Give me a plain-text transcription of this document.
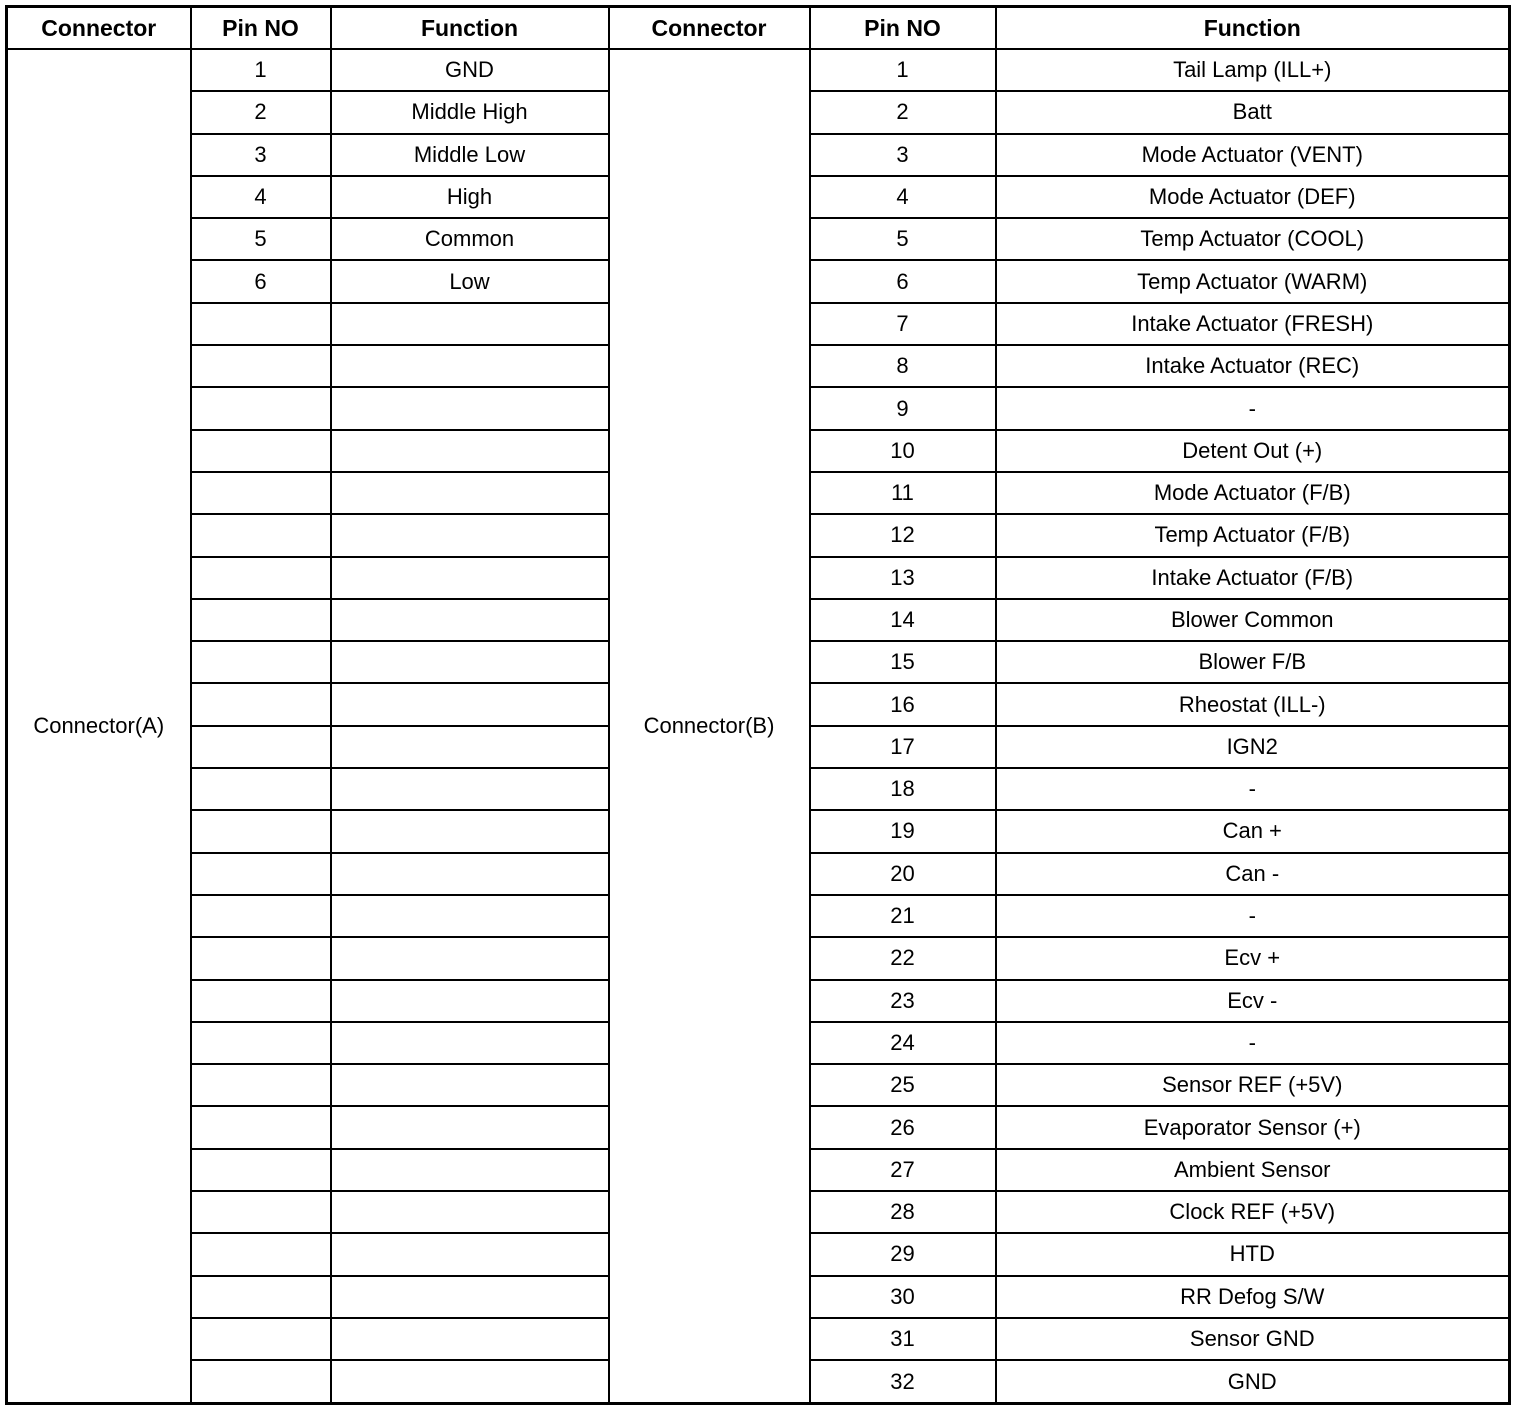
Connector	Pin NO	Function	Connector	Pin NO	Function
Connector(A)	1	GND	Connector(B)	1	Tail Lamp (ILL+)
	2	Middle High		2	Batt
	3	Middle Low		3	Mode Actuator (VENT)
	4	High		4	Mode Actuator (DEF)
	5	Common		5	Temp Actuator (COOL)
	6	Low		6	Temp Actuator (WARM)
				7	Intake Actuator (FRESH)
				8	Intake Actuator (REC)
				9	-
				10	Detent Out (+)
				11	Mode Actuator (F/B)
				12	Temp Actuator (F/B)
				13	Intake Actuator (F/B)
				14	Blower Common
				15	Blower F/B
				16	Rheostat (ILL-)
				17	IGN2
				18	-
				19	Can +
				20	Can -
				21	-
				22	Ecv +
				23	Ecv -
				24	-
				25	Sensor REF (+5V)
				26	Evaporator Sensor (+)
				27	Ambient Sensor
				28	Clock REF (+5V)
				29	HTD
				30	RR Defog S/W
				31	Sensor GND
				32	GND
